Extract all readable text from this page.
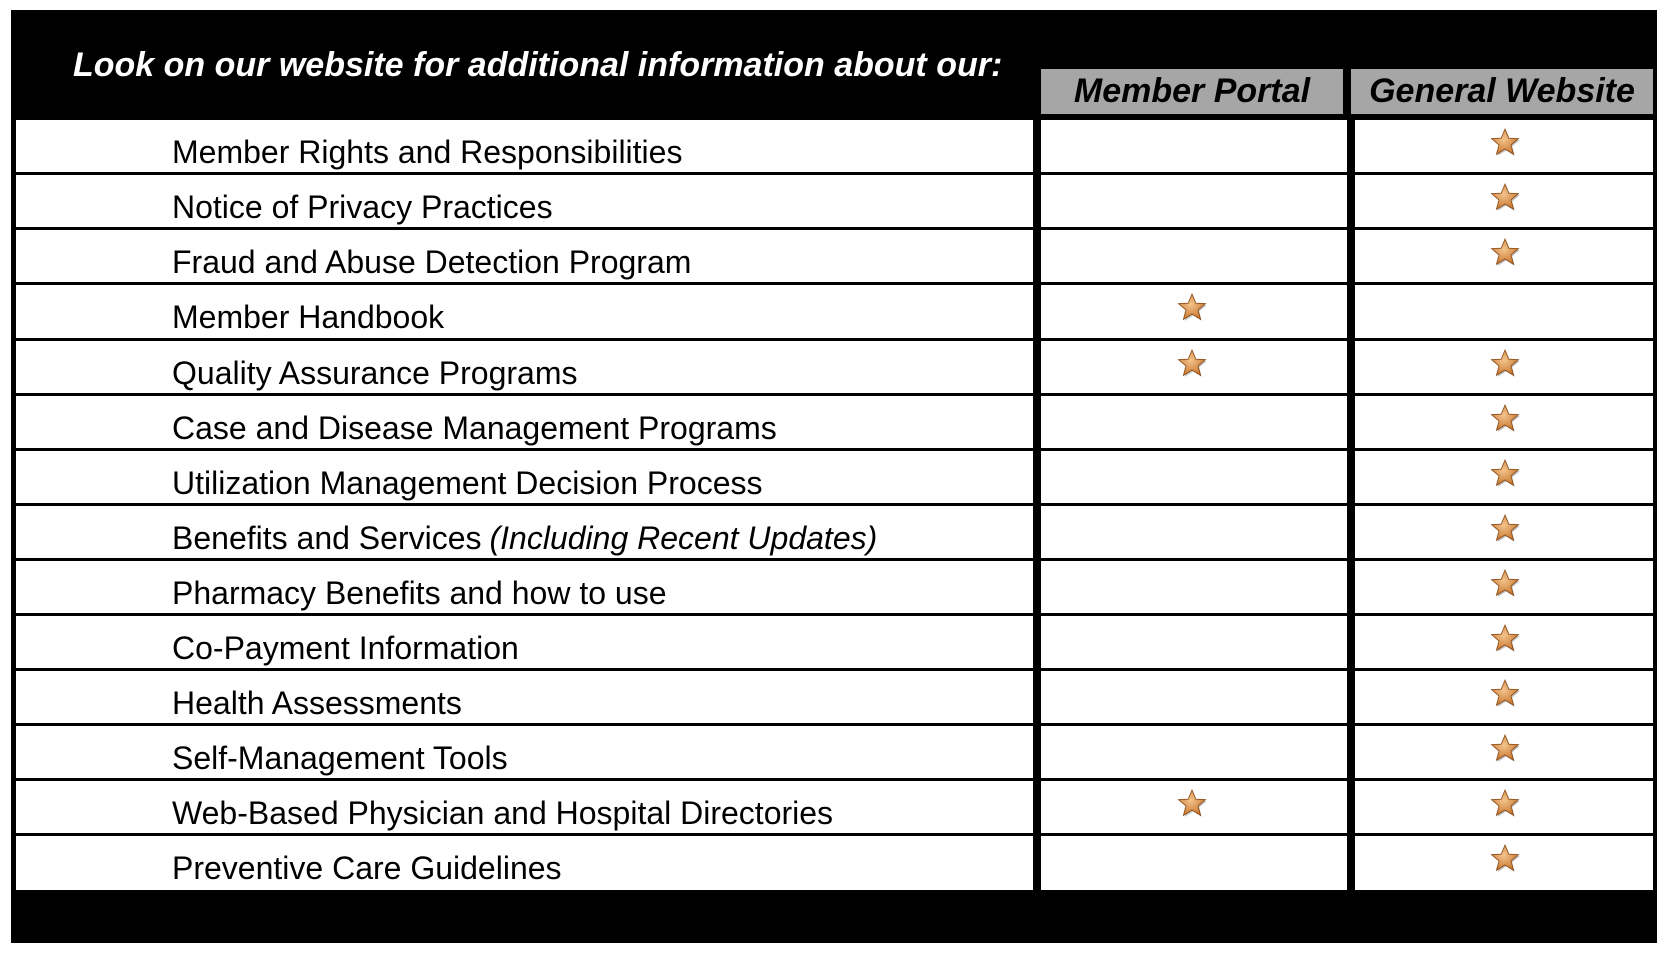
Look on our website for additional information about our:
Member Portal	General Website
Member Rights and Responsibilities
Notice of Privacy Practices
Fraud and Abuse Detection Program
Member Handbook
Quality Assurance Programs
Case and Disease Management Programs
Utilization Management Decision Process
Benefits and Services (Including Recent Updates)
Pharmacy Benefits and how to use
Co-Payment Information
Health Assessments
Self-Management Tools
Web-Based Physician and Hospital Directories
Preventive Care Guidelines
